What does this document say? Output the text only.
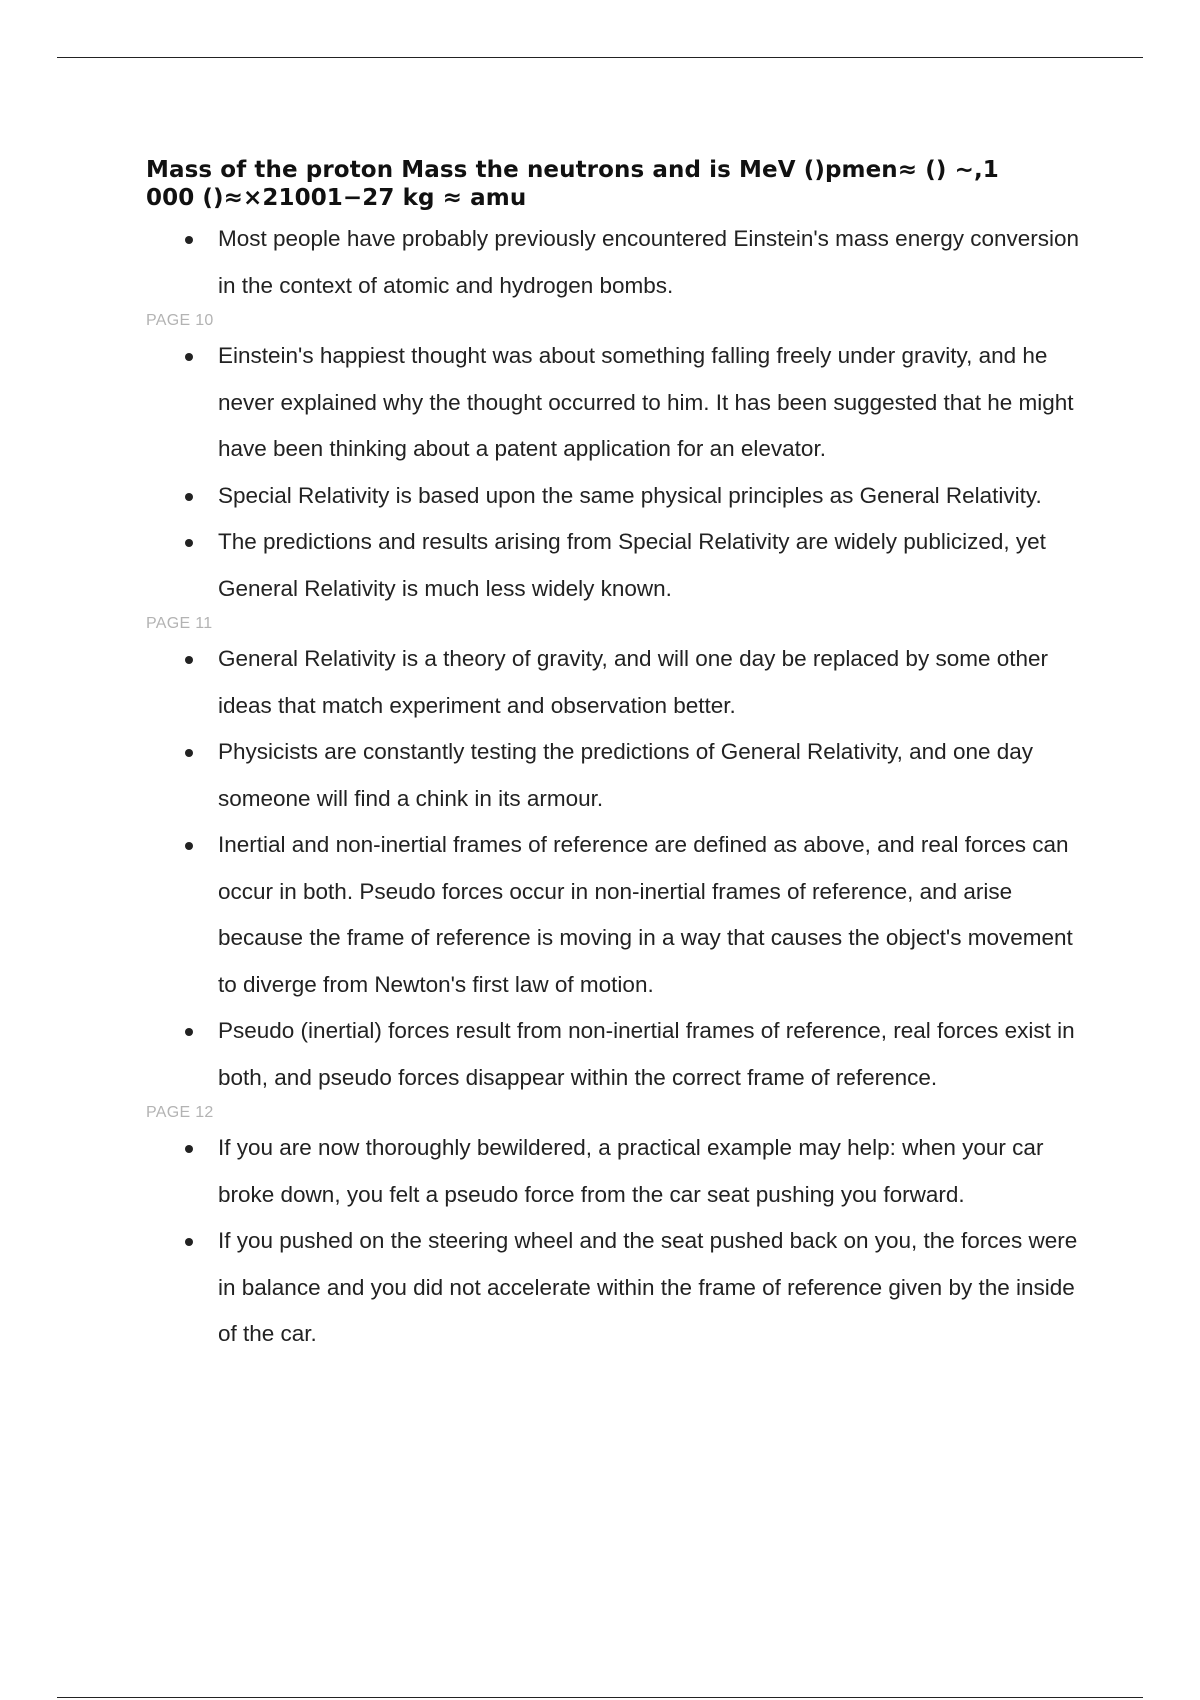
Mass of the proton Mass the neutrons and is MeV ()pmen≈ () ~,1
000 ()≈×21001−27 kg ≈ amu
Most people have probably previously encountered Einstein's mass energy conversion in the context of atomic and hydrogen bombs.
PAGE 10
Einstein's happiest thought was about something falling freely under gravity, and he never explained why the thought occurred to him. It has been suggested that he might have been thinking about a patent application for an elevator.
Special Relativity is based upon the same physical principles as General Relativity.
The predictions and results arising from Special Relativity are widely publicized, yet General Relativity is much less widely known.
PAGE 11
General Relativity is a theory of gravity, and will one day be replaced by some other ideas that match experiment and observation better.
Physicists are constantly testing the predictions of General Relativity, and one day someone will find a chink in its armour.
Inertial and non-inertial frames of reference are defined as above, and real forces can occur in both. Pseudo forces occur in non-inertial frames of reference, and arise because the frame of reference is moving in a way that causes the object's movement to diverge from Newton's first law of motion.
Pseudo (inertial) forces result from non-inertial frames of reference, real forces exist in both, and pseudo forces disappear within the correct frame of reference.
PAGE 12
If you are now thoroughly bewildered, a practical example may help: when your car broke down, you felt a pseudo force from the car seat pushing you forward.
If you pushed on the steering wheel and the seat pushed back on you, the forces were in balance and you did not accelerate within the frame of reference given by the inside of the car.
